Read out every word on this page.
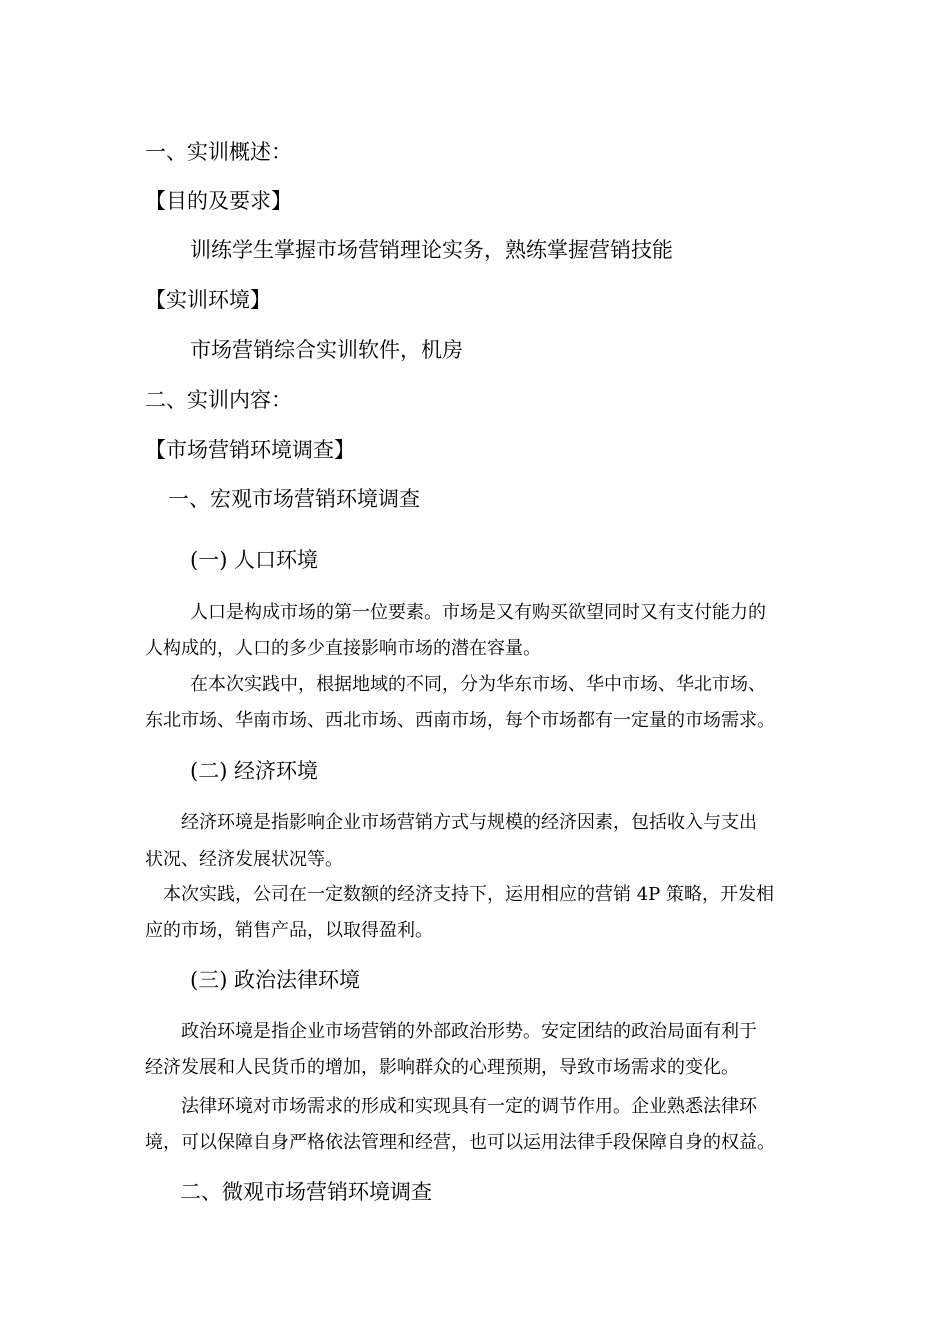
一、实训概述：

【目的及要求】

训练学生掌握市场营销理论实务，熟练掌握营销技能

【实训环境】

市场营销综合实训软件，机房

二、实训内容：

【市场营销环境调查】

一、宏观市场营销环境调查

(一) 人口环境

人口是构成市场的第一位要素。市场是又有购买欲望同时又有支付能力的

人构成的，人口的多少直接影响市场的潜在容量。

在本次实践中，根据地域的不同，分为华东市场、华中市场、华北市场、

东北市场、华南市场、西北市场、西南市场，每个市场都有一定量的市场需求。

(二) 经济环境

经济环境是指影响企业市场营销方式与规模的经济因素，包括收入与支出

状况、经济发展状况等。

本次实践，公司在一定数额的经济支持下，运用相应的营销 4P 策略，开发相

应的市场，销售产品，以取得盈利。

(三) 政治法律环境

政治环境是指企业市场营销的外部政治形势。安定团结的政治局面有利于

经济发展和人民货币的增加，影响群众的心理预期，导致市场需求的变化。

法律环境对市场需求的形成和实现具有一定的调节作用。企业熟悉法律环

境，可以保障自身严格依法管理和经营，也可以运用法律手段保障自身的权益。

二、微观市场营销环境调查
